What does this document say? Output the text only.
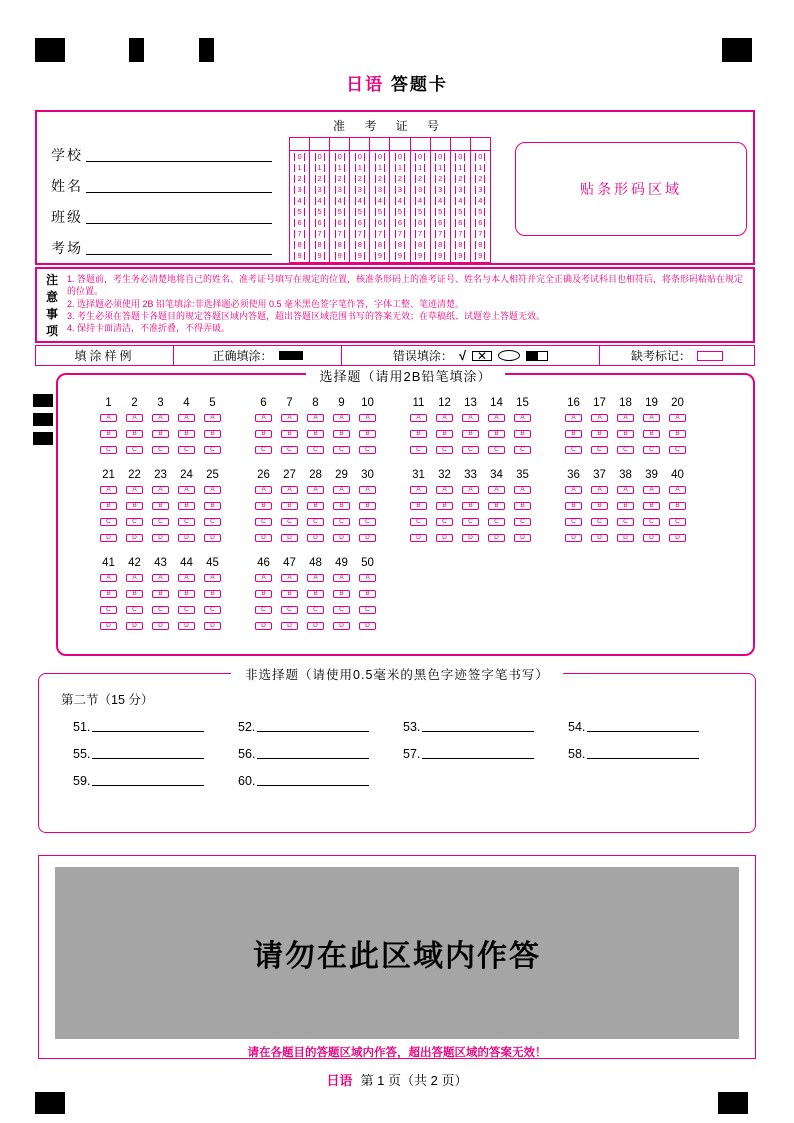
日语 答题卡
学校
姓名
班级
考场
准 考 证 号
0
1
2
3
4
5
6
7
8
9
0
1
2
3
4
5
6
7
8
9
0
1
2
3
4
5
6
7
8
9
0
1
2
3
4
5
6
7
8
9
0
1
2
3
4
5
6
7
8
9
0
1
2
3
4
5
6
7
8
9
0
1
2
3
4
5
6
7
8
9
0
1
2
3
4
5
6
7
8
9
0
1
2
3
4
5
6
7
8
9
0
1
2
3
4
5
6
7
8
9
贴条形码区域
注
意
事
项
1. 答题前，考生务必清楚地将自己的姓名、准考证号填写在规定的位置，核准条形码上的准考证号、姓名与本人相符并完全正确及考试科目也相符后，将条形码粘贴在规定的位置。
2. 选择题必须使用 2B 铅笔填涂:非选择题必须使用 0.5 毫米黑色签字笔作答，字体工整、笔迹清楚。
3. 考生必须在答题卡各题目的规定答题区域内答题，超出答题区域范围书写的答案无效；在草稿纸、试题卷上答题无效。
4. 保持卡面清洁，不准折叠，不得弄破。
填涂样例	正确填涂：	错误填涂： √ ✕	缺考标记：
选择题（请用2B铅笔填涂）
1
A
B
C
2
A
B
C
3
A
B
C
4
A
B
C
5
A
B
C
6
A
B
C
7
A
B
C
8
A
B
C
9
A
B
C
10
A
B
C
11
A
B
C
12
A
B
C
13
A
B
C
14
A
B
C
15
A
B
C
16
A
B
C
17
A
B
C
18
A
B
C
19
A
B
C
20
A
B
C
21
A
B
C
D
22
A
B
C
D
23
A
B
C
D
24
A
B
C
D
25
A
B
C
D
26
A
B
C
D
27
A
B
C
D
28
A
B
C
D
29
A
B
C
D
30
A
B
C
D
31
A
B
C
D
32
A
B
C
D
33
A
B
C
D
34
A
B
C
D
35
A
B
C
D
36
A
B
C
D
37
A
B
C
D
38
A
B
C
D
39
A
B
C
D
40
A
B
C
D
41
A
B
C
D
42
A
B
C
D
43
A
B
C
D
44
A
B
C
D
45
A
B
C
D
46
A
B
C
D
47
A
B
C
D
48
A
B
C
D
49
A
B
C
D
50
A
B
C
D
非选择题（请使用0.5毫米的黑色字迹签字笔书写）
第二节（15 分）
51.	52.	53.	54.
55.	56.	57.	58.
59.	60.
请勿在此区域内作答
请在各题目的答题区域内作答，超出答题区域的答案无效！
日语 第 1 页（共 2 页）
